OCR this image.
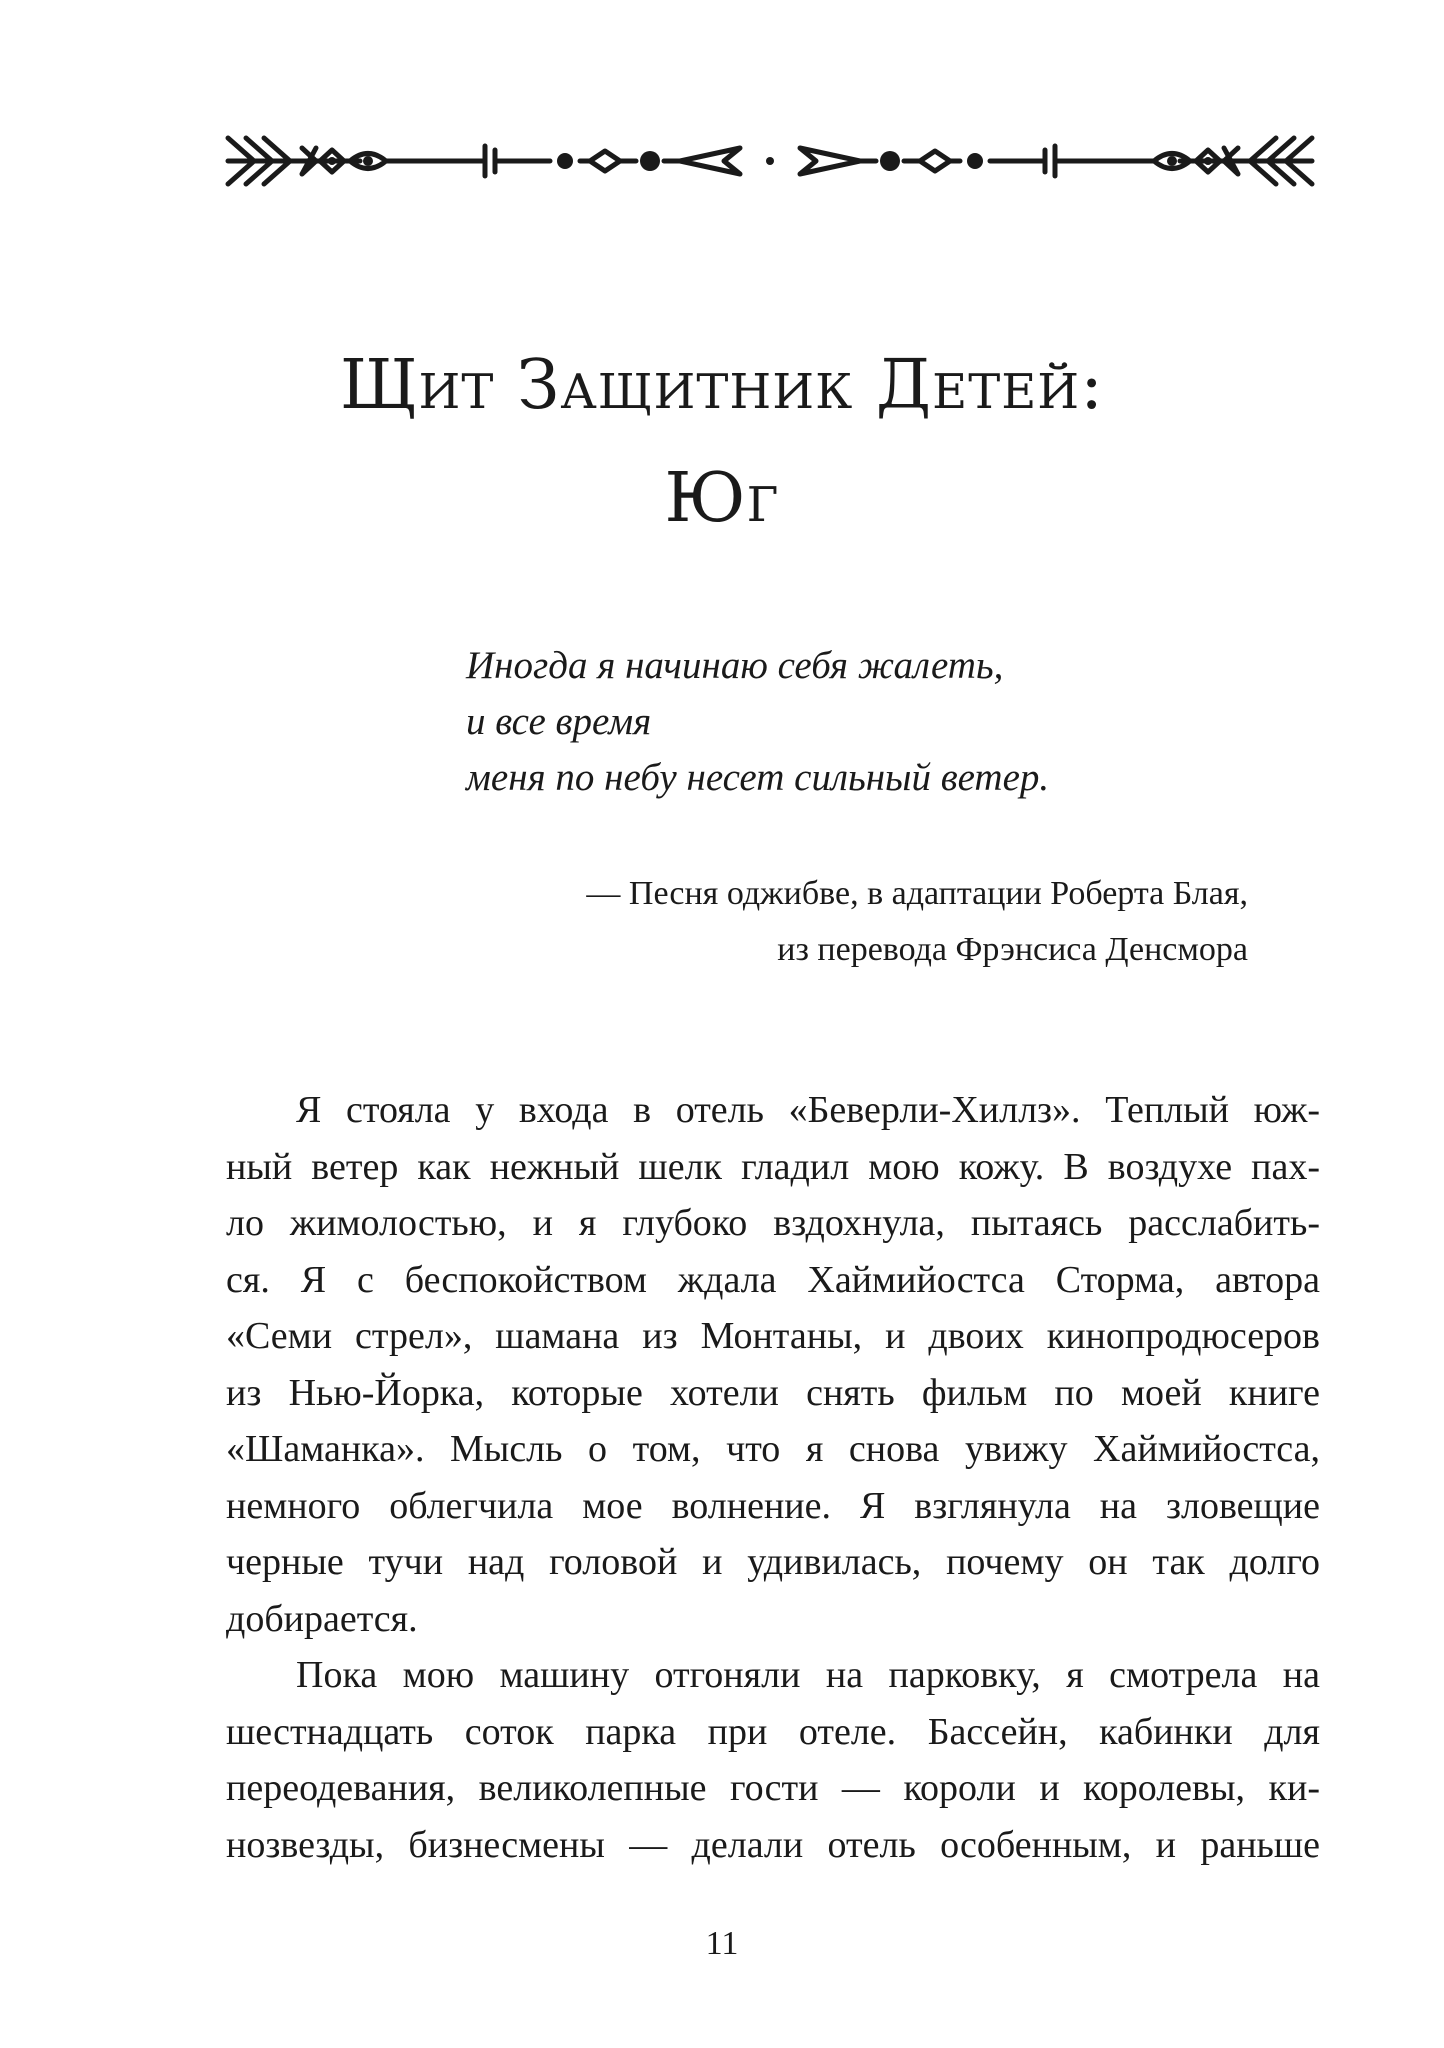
Щит Защитник Детей:
Юг
Иногда я начинаю себя жалеть,
и все время
меня по небу несет сильный ветер.
— Песня оджибве, в адаптации Роберта Блая,
из перевода Фрэнсиса Денсмора
Я стояла у входа в отель «Беверли-Хиллз». Теплый юж-
ный ветер как нежный шелк гладил мою кожу. В воздухе пах-
ло жимолостью, и я глубоко вздохнула, пытаясь расслабить-
ся. Я с беспокойством ждала Хаймийостса Сторма, автора
«Семи стрел», шамана из Монтаны, и двоих кинопродюсеров
из Нью-Йорка, которые хотели снять фильм по моей книге
«Шаманка». Мысль о том, что я снова увижу Хаймийостса,
немного облегчила мое волнение. Я взглянула на зловещие
черные тучи над головой и удивилась, почему он так долго
добирается.
Пока мою машину отгоняли на парковку, я смотрела на
шестнадцать соток парка при отеле. Бассейн, кабинки для
переодевания, великолепные гости — короли и королевы, ки-
нозвезды, бизнесмены — делали отель особенным, и раньше
11
